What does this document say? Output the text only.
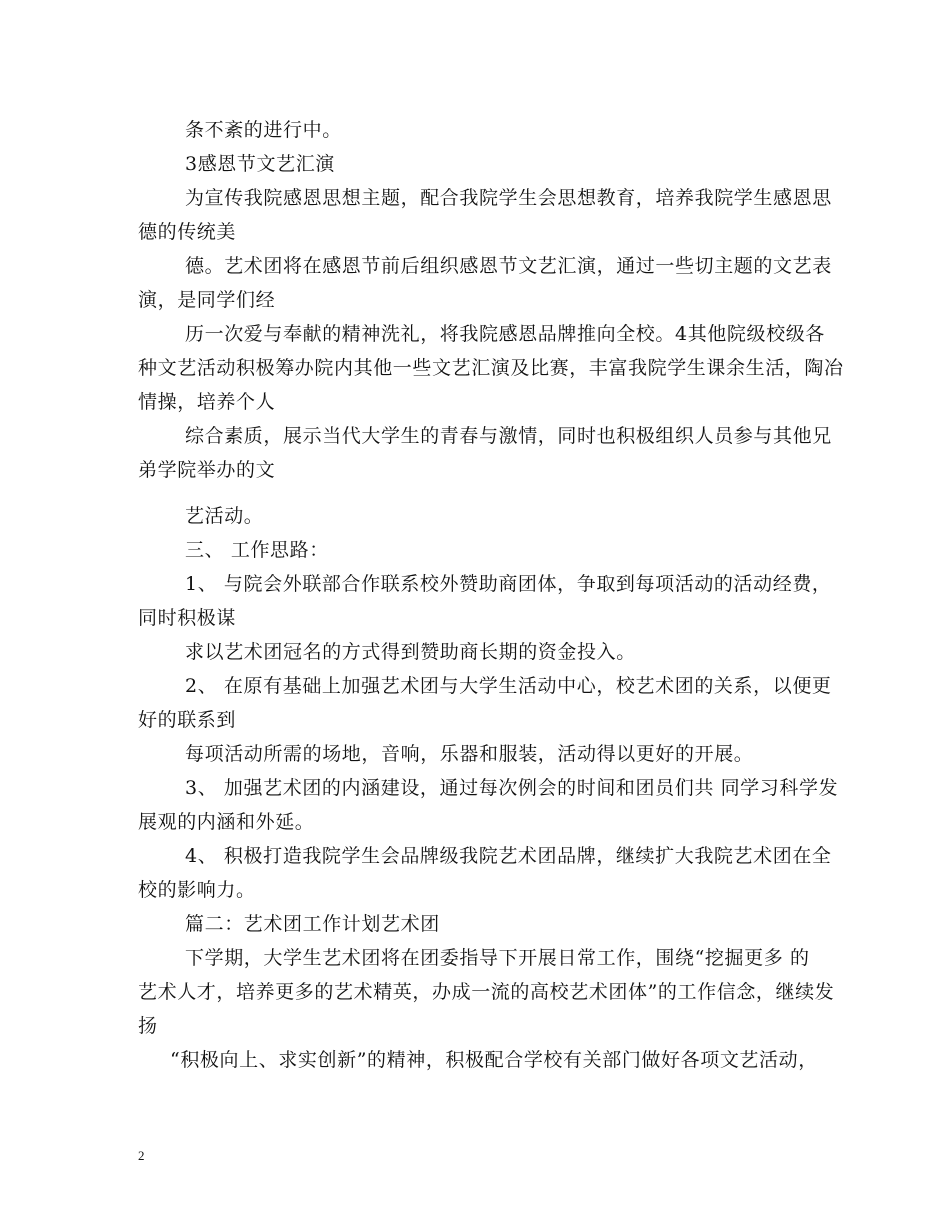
条不紊的进行中。
3感恩节文艺汇演
为宣传我院感恩思想主题，配合我院学生会思想教育，培养我院学生感恩思
德的传统美
德。艺术团将在感恩节前后组织感恩节文艺汇演，通过一些切主题的文艺表
演，是同学们经
历一次爱与奉献的精神洗礼，将我院感恩品牌推向全校。4其他院级校级各
种文艺活动积极筹办院内其他一些文艺汇演及比赛，丰富我院学生课余生活，陶冶
情操，培养个人
综合素质，展示当代大学生的青春与激情，同时也积极组织人员参与其他兄
弟学院举办的文
艺活动。
三、 工作思路：
1、 与院会外联部合作联系校外赞助商团体，争取到每项活动的活动经费，
同时积极谋
求以艺术团冠名的方式得到赞助商长期的资金投入。
2、 在原有基础上加强艺术团与大学生活动中心，校艺术团的关系，以便更
好的联系到
每项活动所需的场地，音响，乐器和服装，活动得以更好的开展。
3、 加强艺术团的内涵建设，通过每次例会的时间和团员们共 同学习科学发
展观的内涵和外延。
4、 积极打造我院学生会品牌级我院艺术团品牌，继续扩大我院艺术团在全
校的影响力。
篇二：艺术团工作计划艺术团
下学期，大学生艺术团将在团委指导下开展日常工作，围绕“挖掘更多 的
艺术人才，培养更多的艺术精英，办成一流的高校艺术团体”的工作信念，继续发
扬
“积极向上、求实创新”的精神，积极配合学校有关部门做好各项文艺活动，
2
